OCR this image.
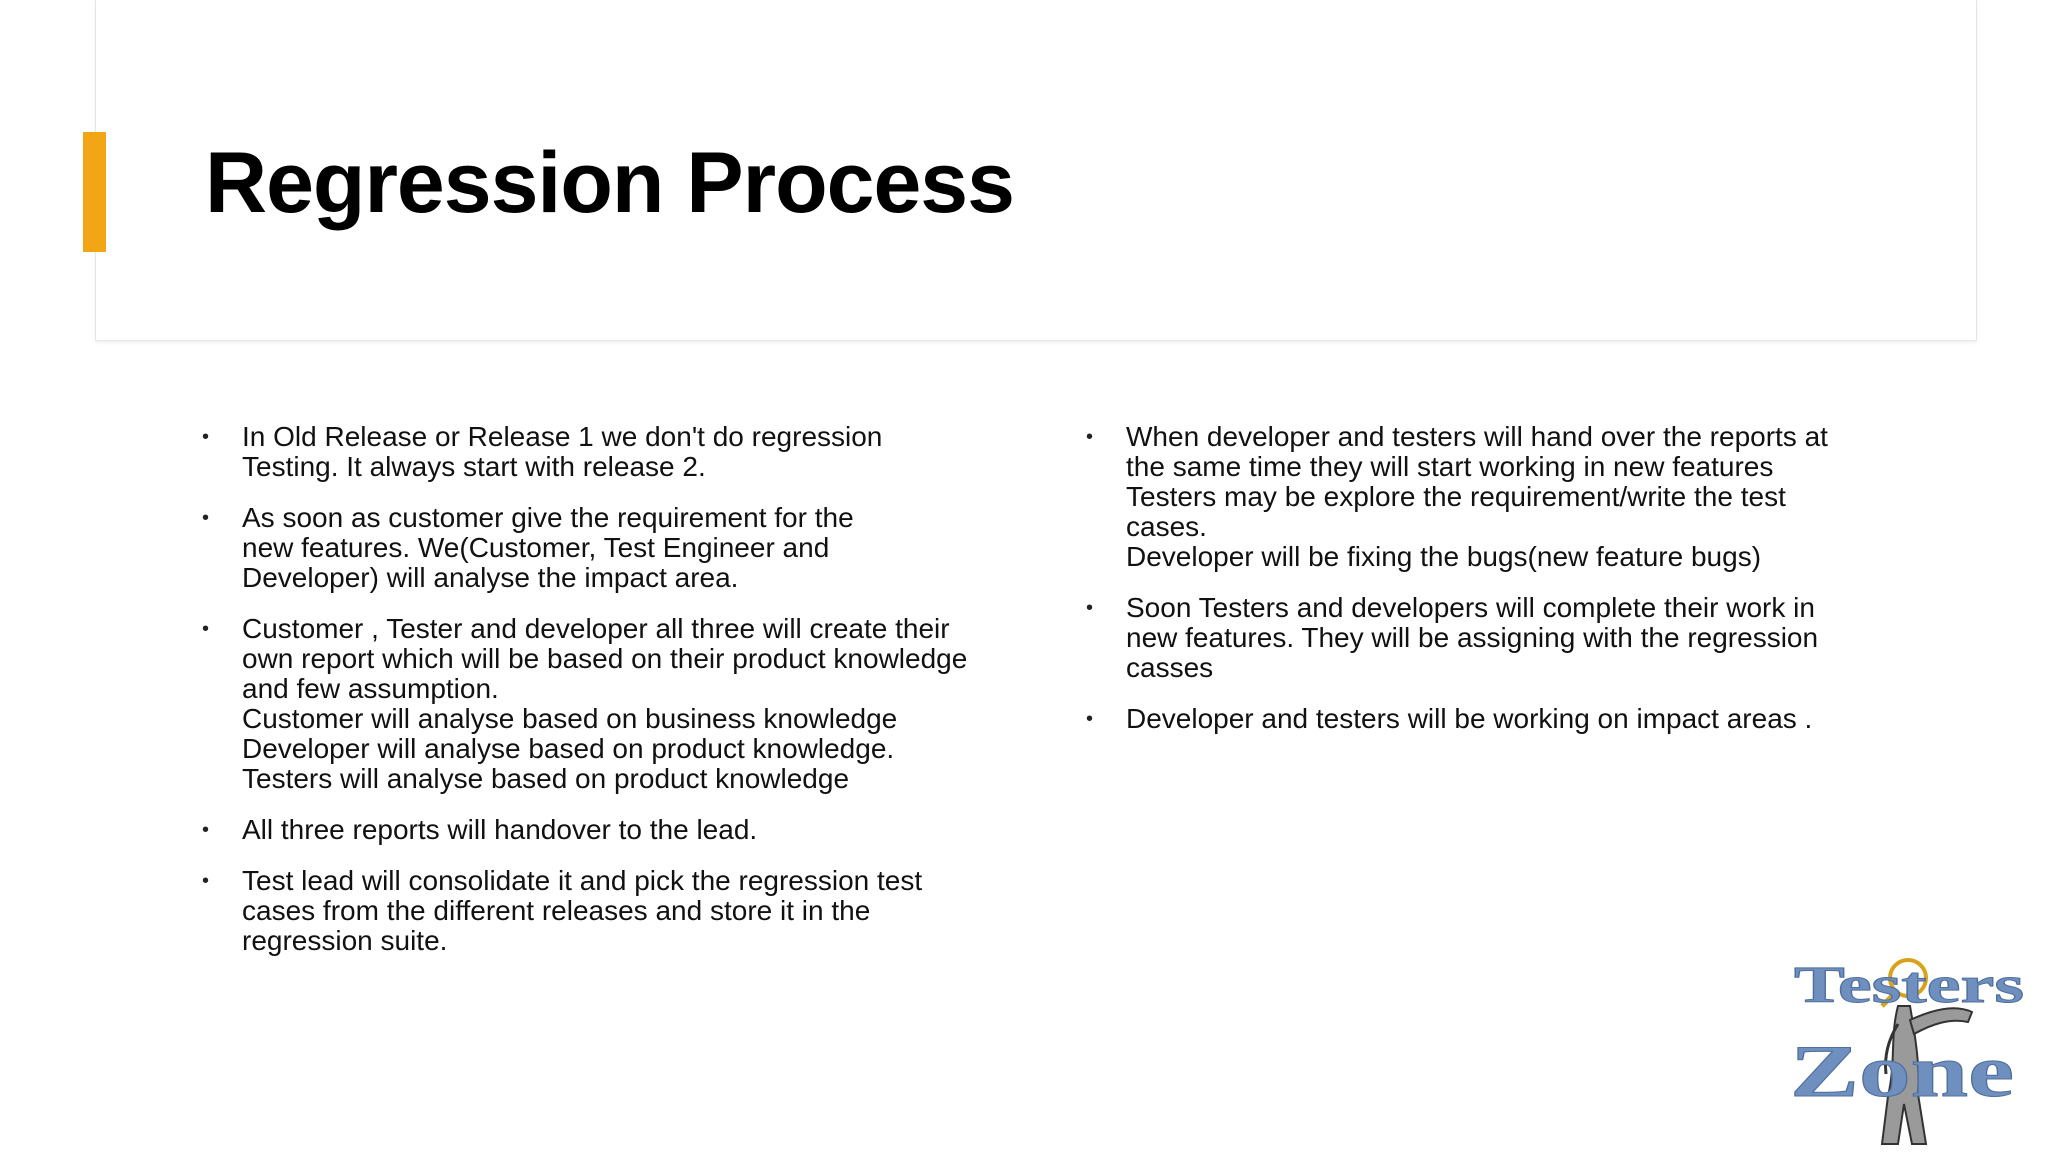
Regression Process
• In Old Release or Release 1 we don't do regression
Testing. It always start with release 2.
• As soon as customer give the requirement for the
new features. We(Customer, Test Engineer and
Developer) will analyse the impact area.
• Customer , Tester and developer all three will create their
own report which will be based on their product knowledge
and few assumption.
Customer will analyse based on business knowledge
Developer will analyse based on product knowledge.
Testers will analyse based on product knowledge
• All three reports will handover to the lead.
• Test lead will consolidate it and pick the regression test
cases from the different releases and store it in the
regression suite.
• When developer and testers will hand over the reports at
the same time they will start working in new features
Testers may be explore the requirement/write the test
cases.
Developer will be fixing the bugs(new feature bugs)
• Soon Testers and developers will complete their work in
new features. They will be assigning with the regression
casses
• Developer and testers will be working on impact areas .
Testers
Zone
